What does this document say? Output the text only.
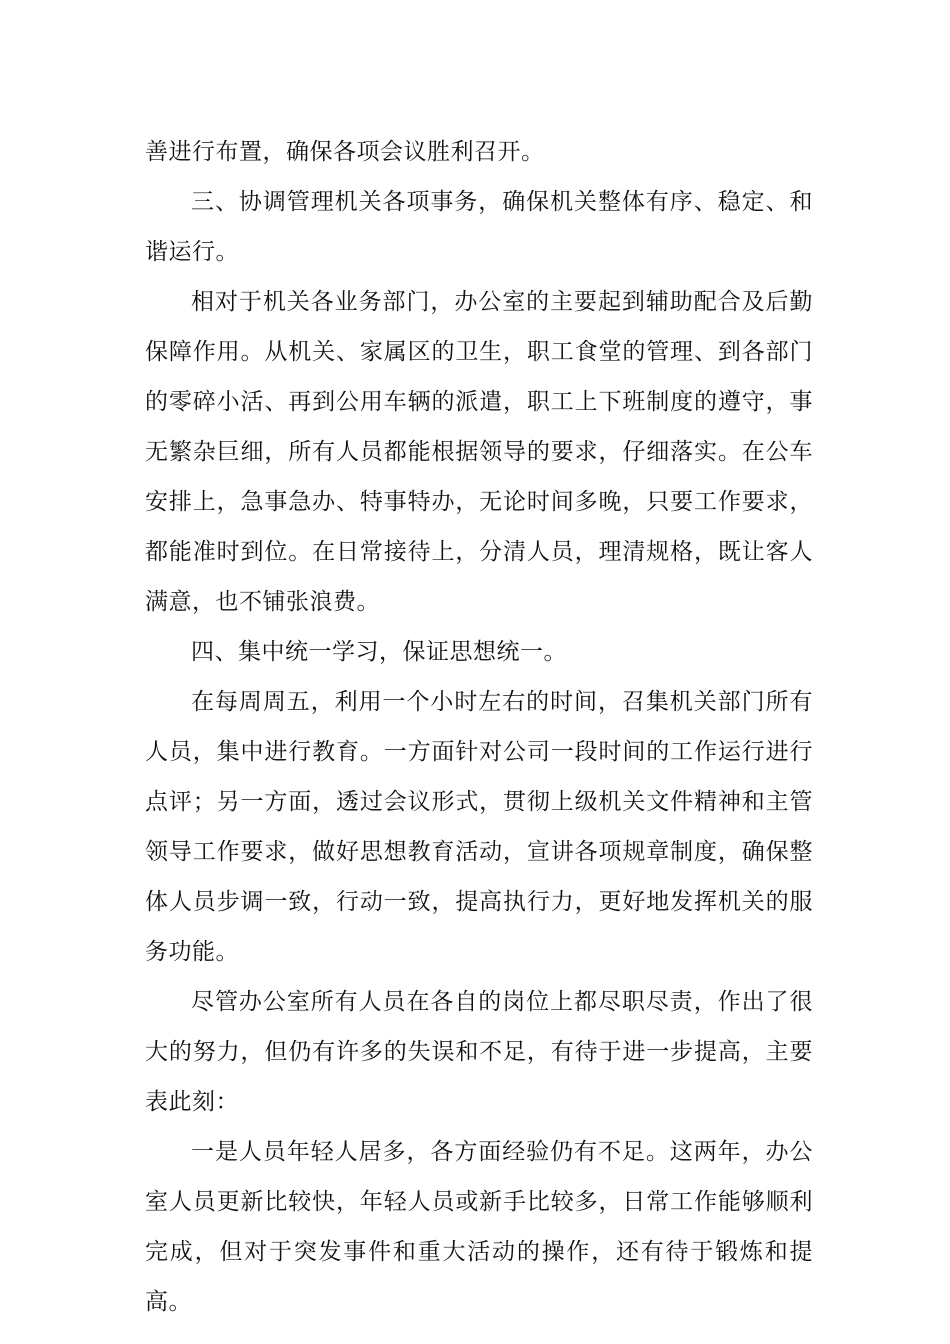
善进行布置，确保各项会议胜利召开。

三、协调管理机关各项事务，确保机关整体有序、稳定、和谐运行。

相对于机关各业务部门，办公室的主要起到辅助配合及后勤保障作用。从机关、家属区的卫生，职工食堂的管理、到各部门的零碎小活、再到公用车辆的派遣，职工上下班制度的遵守，事无繁杂巨细，所有人员都能根据领导的要求，仔细落实。在公车安排上，急事急办、特事特办，无论时间多晚，只要工作要求，都能准时到位。在日常接待上，分清人员，理清规格，既让客人满意，也不铺张浪费。

四、集中统一学习，保证思想统一。

在每周周五，利用一个小时左右的时间，召集机关部门所有人员，集中进行教育。一方面针对公司一段时间的工作运行进行点评；另一方面，透过会议形式，贯彻上级机关文件精神和主管领导工作要求，做好思想教育活动，宣讲各项规章制度，确保整体人员步调一致，行动一致，提高执行力，更好地发挥机关的服务功能。

尽管办公室所有人员在各自的岗位上都尽职尽责，作出了很大的努力，但仍有许多的失误和不足，有待于进一步提高，主要表此刻：

一是人员年轻人居多，各方面经验仍有不足。这两年，办公室人员更新比较快，年轻人员或新手比较多，日常工作能够顺利完成，但对于突发事件和重大活动的操作，还有待于锻炼和提高。
